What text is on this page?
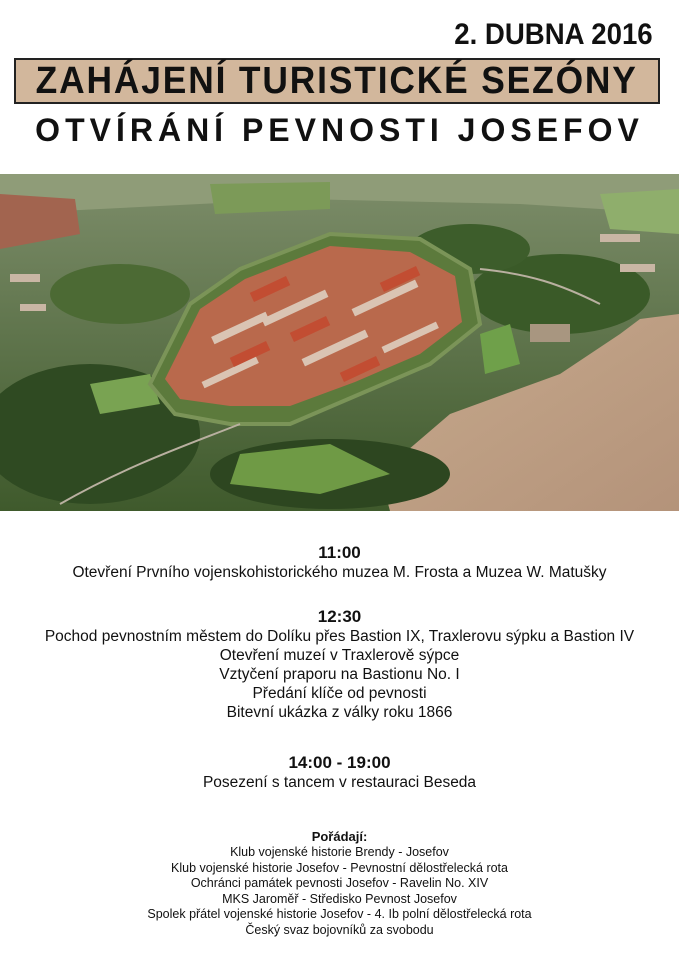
2. DUBNA 2016
ZAHÁJENÍ TURISTICKÉ SEZÓNY
OTVÍRÁNÍ PEVNOSTI JOSEFOV
11:00
Otevření Prvního vojenskohistorického muzea M. Frosta a Muzea W. Matušky
12:30
Pochod pevnostním městem do Dolíku přes Bastion IX, Traxlerovu sýpku a Bastion IV
Otevření muzeí v Traxlerově sýpce
Vztyčení praporu na Bastionu No. I
Předání klíče od pevnosti
Bitevní ukázka z války roku 1866
14:00 - 19:00
Posezení s tancem v restauraci Beseda
Pořádají:
Klub vojenské historie Brendy - Josefov
Klub vojenské historie Josefov - Pevnostní dělostřelecká rota
Ochránci památek pevnosti Josefov - Ravelin No. XIV
MKS Jaroměř - Středisko Pevnost Josefov
Spolek přátel vojenské historie Josefov - 4. Ib polní dělostřelecká rota
Český svaz bojovníků za svobodu
